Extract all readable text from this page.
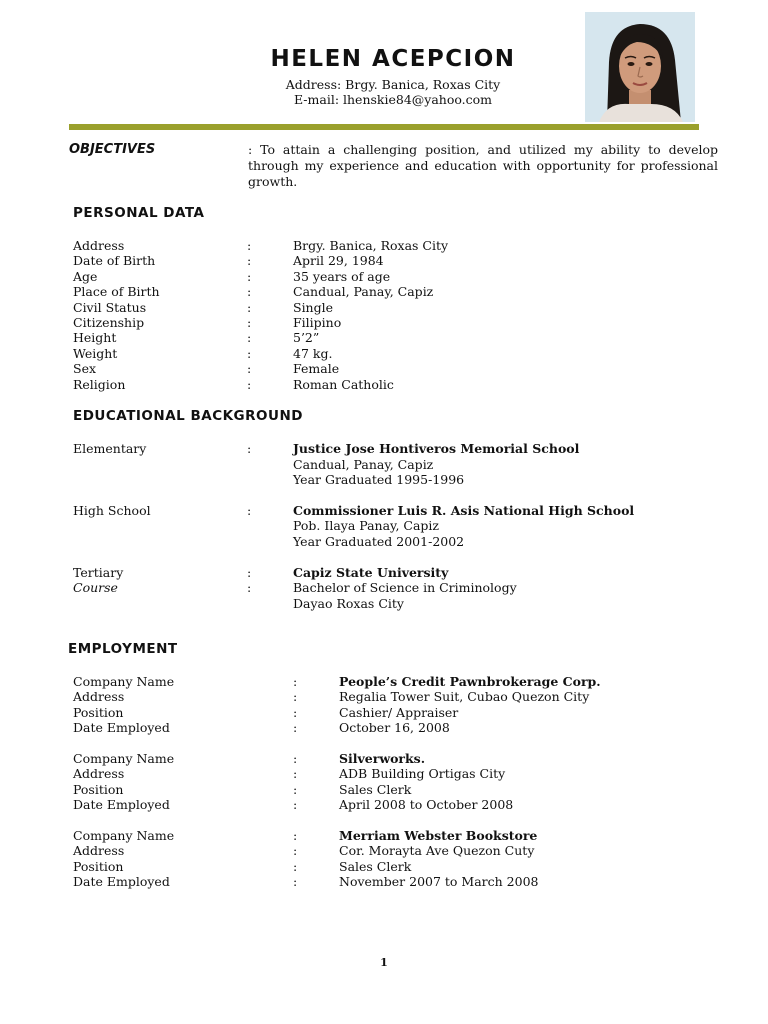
HELEN ACEPCION
Address: Brgy. Banica, Roxas City
E-mail: lhenskie84@yahoo.com
OBJECTIVES	: To attain a challenging position, and utilized my ability to develop through my experience and education with opportunity for professional growth.
PERSONAL DATA
Address	:	Brgy. Banica, Roxas City
Date of Birth	:	April 29, 1984
Age	:	35 years of age
Place of Birth	:	Candual, Panay, Capiz
Civil Status	:	Single
Citizenship	:	Filipino
Height	:	5’2”
Weight	:	47 kg.
Sex	:	Female
Religion	:	Roman Catholic
EDUCATIONAL BACKGROUND
Elementary	:	Justice Jose Hontiveros Memorial School
Candual, Panay, Capiz
Year Graduated 1995-1996
High School	:	Commissioner Luis R. Asis National High School
Pob. Ilaya Panay, Capiz
Year Graduated 2001-2002
Tertiary	:	Capiz State University
Course	:	Bachelor of Science in Criminology
Dayao Roxas City
EMPLOYMENT
Company Name	:	People’s Credit Pawnbrokerage Corp.
Address	:	Regalia Tower Suit, Cubao Quezon City
Position	:	Cashier/ Appraiser
Date Employed	:	October 16, 2008
Company Name	:	Silverworks.
Address	:	ADB Building Ortigas City
Position	:	Sales Clerk
Date Employed	:	April 2008 to October 2008
Company Name	:	Merriam Webster Bookstore
Address	:	Cor. Morayta Ave Quezon Cuty
Position	:	Sales Clerk
Date Employed	:	November 2007 to March 2008
1
